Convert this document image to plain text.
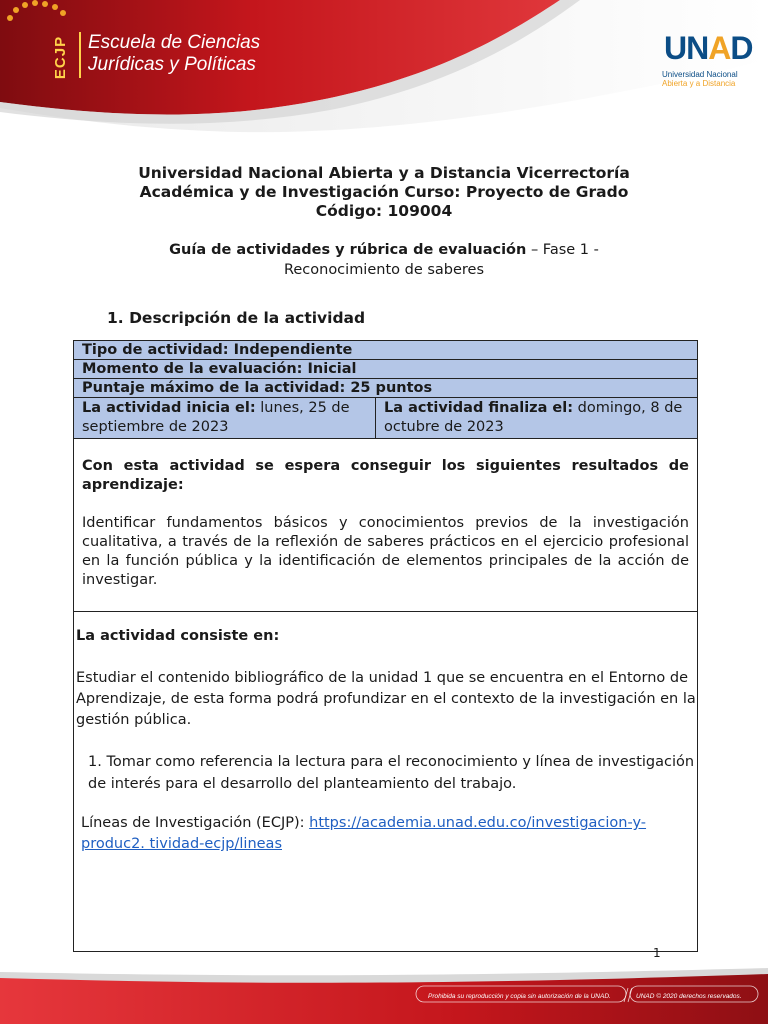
ECJP Escuela de Ciencias
Jurídicas y Políticas	UNAD
Universidad Nacional
Abierta y a Distancia
Universidad Nacional Abierta y a Distancia Vicerrectoría
Académica y de Investigación Curso: Proyecto de Grado
Código: 109004
Guía de actividades y rúbrica de evaluación – Fase 1 -
Reconocimiento de saberes
1. Descripción de la actividad
Tipo de actividad: Independiente
Momento de la evaluación: Inicial
Puntaje máximo de la actividad: 25 puntos
La actividad inicia el: lunes, 25 de septiembre de 2023
La actividad finaliza el: domingo, 8 de octubre de 2023
Con esta actividad se espera conseguir los siguientes resultados de aprendizaje:
Identificar fundamentos básicos y conocimientos previos de la investigación cualitativa, a través de la reflexión de saberes prácticos en el ejercicio profesional en la función pública y la identificación de elementos principales de la acción de investigar.
La actividad consiste en:
Estudiar el contenido bibliográfico de la unidad 1 que se encuentra en el Entorno de Aprendizaje, de esta forma podrá profundizar en el contexto de la investigación en la gestión pública.
1. Tomar como referencia la lectura para el reconocimiento y línea de investigación de interés para el desarrollo del planteamiento del trabajo.
Líneas de Investigación (ECJP): https://academia.unad.edu.co/investigacion-y-produc2. tividad-ecjp/lineas
1
Prohibida su reproducción y copia sin autorización de la UNAD.	UNAD © 2020 derechos reservados.
